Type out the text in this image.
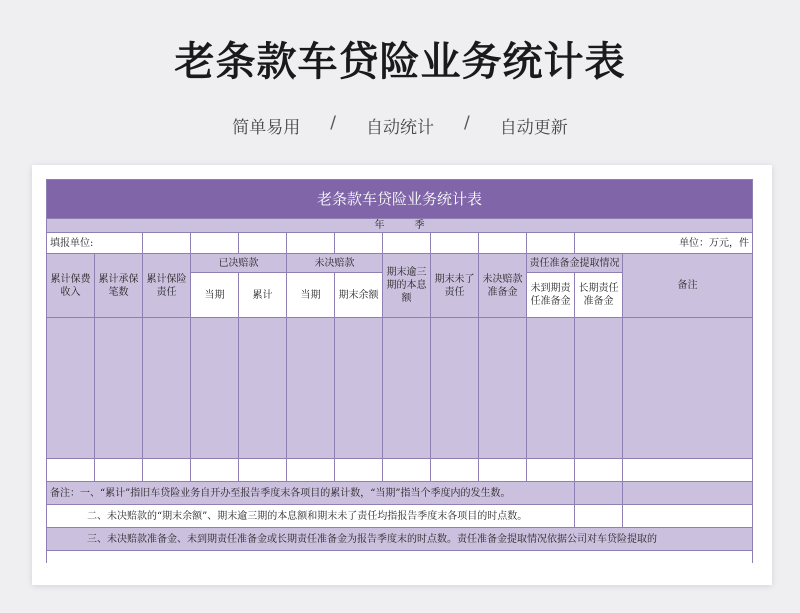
老条款车贷险业务统计表
简单易用 / 自动统计 / 自动更新
老条款车贷险业务统计表												
年　　　季												
填报单位:											单位：万元，件	
累计保费收入	累计承保笔数	累计保险责任	已决赔款		未决赔款		期末逾三期的本息额	期末未了责任	未决赔款准备金	责任准备金提取情况		备注
			当期	累计	当期	期末余额				未到期责任准备金	长期责任准备金	

备注：一、“累计”指旧车贷险业务自开办至报告季度末各项目的累计数，“当期”指当个季度内的发生数。												
二、未决赔款的“期末余额”、期末逾三期的本息额和期末未了责任均指报告季度末各项目的时点数。												
三、未决赔款准备金、未到期责任准备金或长期责任准备金为报告季度末的时点数。责任准备金提取情况依据公司对车贷险提取的												
